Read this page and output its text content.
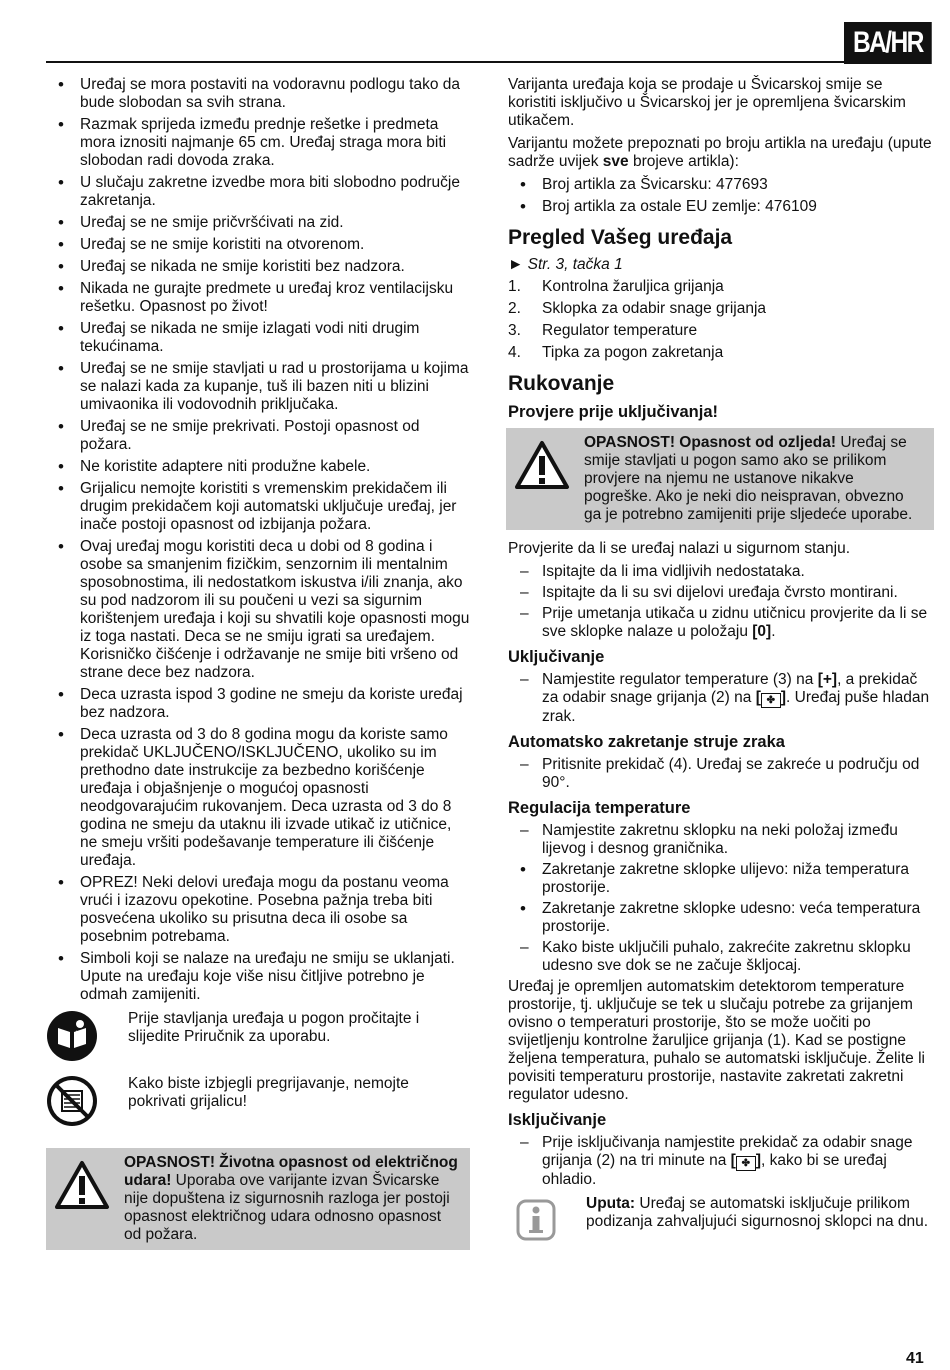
BA/HR
• Uređaj se mora postaviti na vodoravnu podlogu tako da bude slobodan sa svih strana.
• Razmak sprijeda između prednje rešetke i predmeta mora iznositi najmanje 65 cm. Uređaj straga mora biti slobodan radi dovoda zraka.
• U slučaju zakretne izvedbe mora biti slobodno područje zakretanja.
• Uređaj se ne smije pričvršćivati na zid.
• Uređaj se ne smije koristiti na otvorenom.
• Uređaj se nikada ne smije koristiti bez nadzora.
• Nikada ne gurajte predmete u uređaj kroz ventilacijsku rešetku. Opasnost po život!
• Uređaj se nikada ne smije izlagati vodi niti drugim tekućinama.
• Uređaj se ne smije stavljati u rad u prostorijama u kojima se nalazi kada za kupanje, tuš ili bazen niti u blizini umivaonika ili vodovodnih priključaka.
• Uređaj se ne smije prekrivati. Postoji opasnost od požara.
• Ne koristite adaptere niti produžne kabele.
• Grijalicu nemojte koristiti s vremenskim prekidačem ili drugim prekidačem koji automatski uključuje uređaj, jer inače postoji opasnost od izbijanja požara.
• Ovaj uređaj mogu koristiti deca u dobi od 8 godina i osobe sa smanjenim fizičkim, senzornim ili mentalnim sposobnostima, ili nedostatkom iskustva i/ili znanja, ako su pod nadzorom ili su poučeni u vezi sa sigurnim korištenjem uređaja i koji su shvatili koje opasnosti mogu iz toga nastati. Deca se ne smiju igrati sa uređajem. Korisničko čišćenje i održavanje ne smije biti vršeno od strane dece bez nadzora.
• Deca uzrasta ispod 3 godine ne smeju da koriste uređaj bez nadzora.
• Deca uzrasta od 3 do 8 godina mogu da koriste samo prekidač UKLJUČENO/ISKLJUČENO, ukoliko su im prethodno date instrukcije za bezbedno korišćenje uređaja i objašnjenje o mogućoj opasnosti neodgovarajućim rukovanjem. Deca uzrasta od 3 do 8 godina ne smeju da utaknu ili izvade utikač iz utičnice, ne smeju vršiti podešavanje temperature ili čišćenje uređaja.
• OPREZ! Neki delovi uređaja mogu da postanu veoma vrući i izazovu opekotine. Posebna pažnja treba biti posvećena ukoliko su prisutna deca ili osobe sa posebnim potrebama.
• Simboli koji se nalaze na uređaju ne smiju se uklanjati. Upute na uređaju koje više nisu čitljive potrebno je odmah zamijeniti.
Prije stavljanja uređaja u pogon pročitajte i slijedite Priručnik za uporabu.
Kako biste izbjegli pregrijavanje, nemojte pokrivati grijalicu!
OPASNOST! Životna opasnost od električnog udara! Uporaba ove varijante izvan Švicarske nije dopuštena iz sigurnosnih razloga jer postoji opasnost električnog udara odnosno opasnost od požara.

Varijanta uređaja koja se prodaje u Švicarskoj smije se koristiti isključivo u Švicarskoj jer je opremljena švicarskim utikačem.

Varijantu možete prepoznati po broju artikla na uređaju (upute sadrže uvijek sve brojeve artikla):

• Broj artikla za Švicarsku: 477693
• Broj artikla za ostale EU zemlje: 476109
Pregled Vašeg uređaja
► Str. 3, tačka 1
1. Kontrolna žaruljica grijanja
2. Sklopka za odabir snage grijanja
3. Regulator temperature
4. Tipka za pogon zakretanja
Rukovanje
Provjere prije uključivanja!
OPASNOST! Opasnost od ozljeda! Uređaj se smije stavljati u pogon samo ako se prilikom provjere na njemu ne ustanove nikakve pogreške. Ako je neki dio neispravan, obvezno ga je potrebno zamijeniti prije sljedeće uporabe.

Provjerite da li se uređaj nalazi u sigurnom stanju.

– Ispitajte da li ima vidljivih nedostataka.
– Ispitajte da li su svi dijelovi uređaja čvrsto montirani.
– Prije umetanja utikača u zidnu utičnicu provjerite da li se sve sklopke nalaze u položaju [0].
Uključivanje
– Namjestite regulator temperature (3) na [+], a prekidač za odabir snage grijanja (2) na [ ✤ ]. Uređaj puše hladan zrak.
Automatsko zakretanje struje zraka
– Pritisnite prekidač (4). Uređaj se zakreće u području od 90°.
Regulacija temperature
– Namjestite zakretnu sklopku na neki položaj između lijevog i desnog graničnika.
• Zakretanje zakretne sklopke ulijevo: niža temperatura prostorije.
• Zakretanje zakretne sklopke udesno: veća temperatura prostorije.
– Kako biste uključili puhalo, zakrećite zakretnu sklopku udesno sve dok se ne začuje škljocaj.

Uređaj je opremljen automatskim detektorom temperature prostorije, tj. uključuje se tek u slučaju potrebe za grijanjem ovisno o temperaturi prostorije, što se može uočiti po svijetljenju kontrolne žaruljice grijanja (1). Kad se postigne željena temperatura, puhalo se automatski isključuje. Želite li povisiti temperaturu prostorije, nastavite zakretati zakretni regulator udesno.

Isključivanje
– Prije isključivanja namjestite prekidač za odabir snage grijanja (2) na tri minute na [ ✤ ], kako bi se uređaj ohladio.
Uputa: Uređaj se automatski isključuje prilikom podizanja zahvaljujući sigurnosnoj sklopci na dnu.
41
